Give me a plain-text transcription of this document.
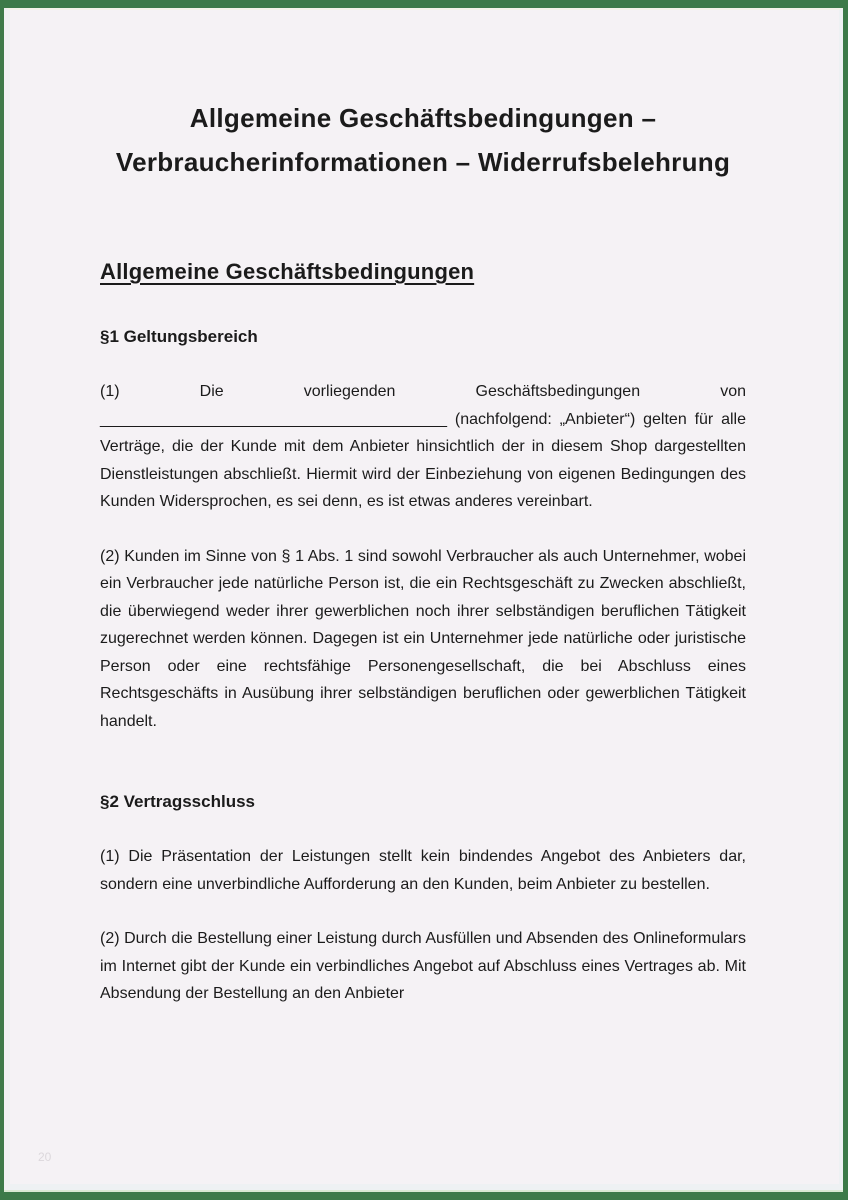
Allgemeine Geschäftsbedingungen –
Verbraucherinformationen – Widerrufsbelehrung
Allgemeine Geschäftsbedingungen
§1 Geltungsbereich

(1) Die vorliegenden Geschäftsbedingungen von _______________________________________ (nachfolgend: „Anbieter“) gelten für alle Verträge, die der Kunde mit dem Anbieter hinsichtlich der in diesem Shop dargestellten Dienstleistungen abschließt. Hiermit wird der Einbeziehung von eigenen Bedingungen des Kunden Widersprochen, es sei denn, es ist etwas anderes vereinbart.

(2) Kunden im Sinne von § 1 Abs. 1 sind sowohl Verbraucher als auch Unternehmer, wobei ein Verbraucher jede natürliche Person ist, die ein Rechtsgeschäft zu Zwecken abschließt, die überwiegend weder ihrer gewerblichen noch ihrer selbständigen beruflichen Tätigkeit zugerechnet werden können. Dagegen ist ein Unternehmer jede natürliche oder juristische Person oder eine rechtsfähige Personengesellschaft, die bei Abschluss eines Rechtsgeschäfts in Ausübung ihrer selbständigen beruflichen oder gewerblichen Tätigkeit handelt.

§2 Vertragsschluss

(1) Die Präsentation der Leistungen stellt kein bindendes Angebot des Anbieters dar, sondern eine unverbindliche Aufforderung an den Kunden, beim Anbieter zu bestellen.

(2) Durch die Bestellung einer Leistung durch Ausfüllen und Absenden des Onlineformulars im Internet gibt der Kunde ein verbindliches Angebot auf Abschluss eines Vertrages ab. Mit Absendung der Bestellung an den Anbieter

20
